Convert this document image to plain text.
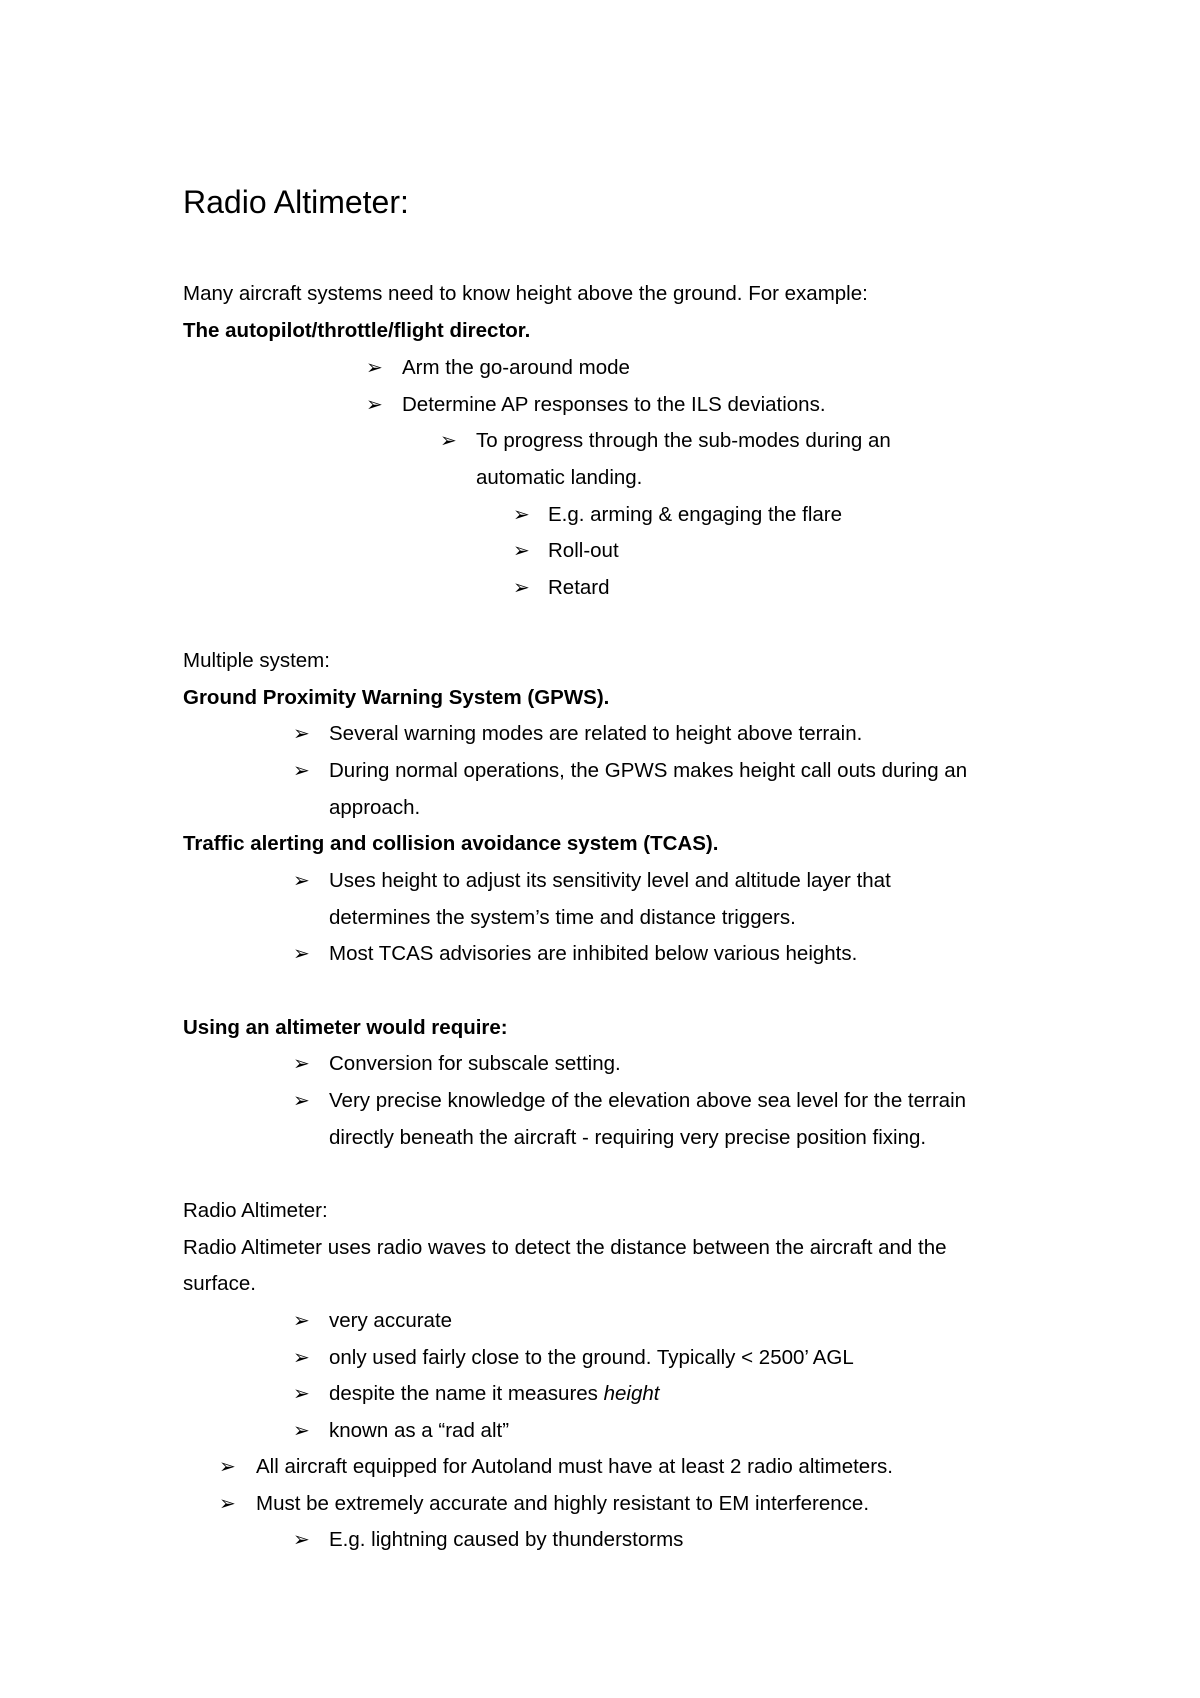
Radio Altimeter:
Many aircraft systems need to know height above the ground. For example:
The autopilot/throttle/flight director.
➢ Arm the go-around mode
➢ Determine AP responses to the ILS deviations.
➢ To progress through the sub-modes during an
automatic landing.
➢ E.g. arming & engaging the flare
➢ Roll-out
➢ Retard
Multiple system:
Ground Proximity Warning System (GPWS).
➢ Several warning modes are related to height above terrain.
➢ During normal operations, the GPWS makes height call outs during an
approach.
Traffic alerting and collision avoidance system (TCAS).
➢ Uses height to adjust its sensitivity level and altitude layer that
determines the system’s time and distance triggers.
➢ Most TCAS advisories are inhibited below various heights.
Using an altimeter would require:
➢ Conversion for subscale setting.
➢ Very precise knowledge of the elevation above sea level for the terrain
directly beneath the aircraft - requiring very precise position fixing.
Radio Altimeter:
Radio Altimeter uses radio waves to detect the distance between the aircraft and the
surface.
➢ very accurate
➢ only used fairly close to the ground. Typically < 2500’ AGL
➢ despite the name it measures height
➢ known as a “rad alt”
➢ All aircraft equipped for Autoland must have at least 2 radio altimeters.
➢ Must be extremely accurate and highly resistant to EM interference.
➢ E.g. lightning caused by thunderstorms
